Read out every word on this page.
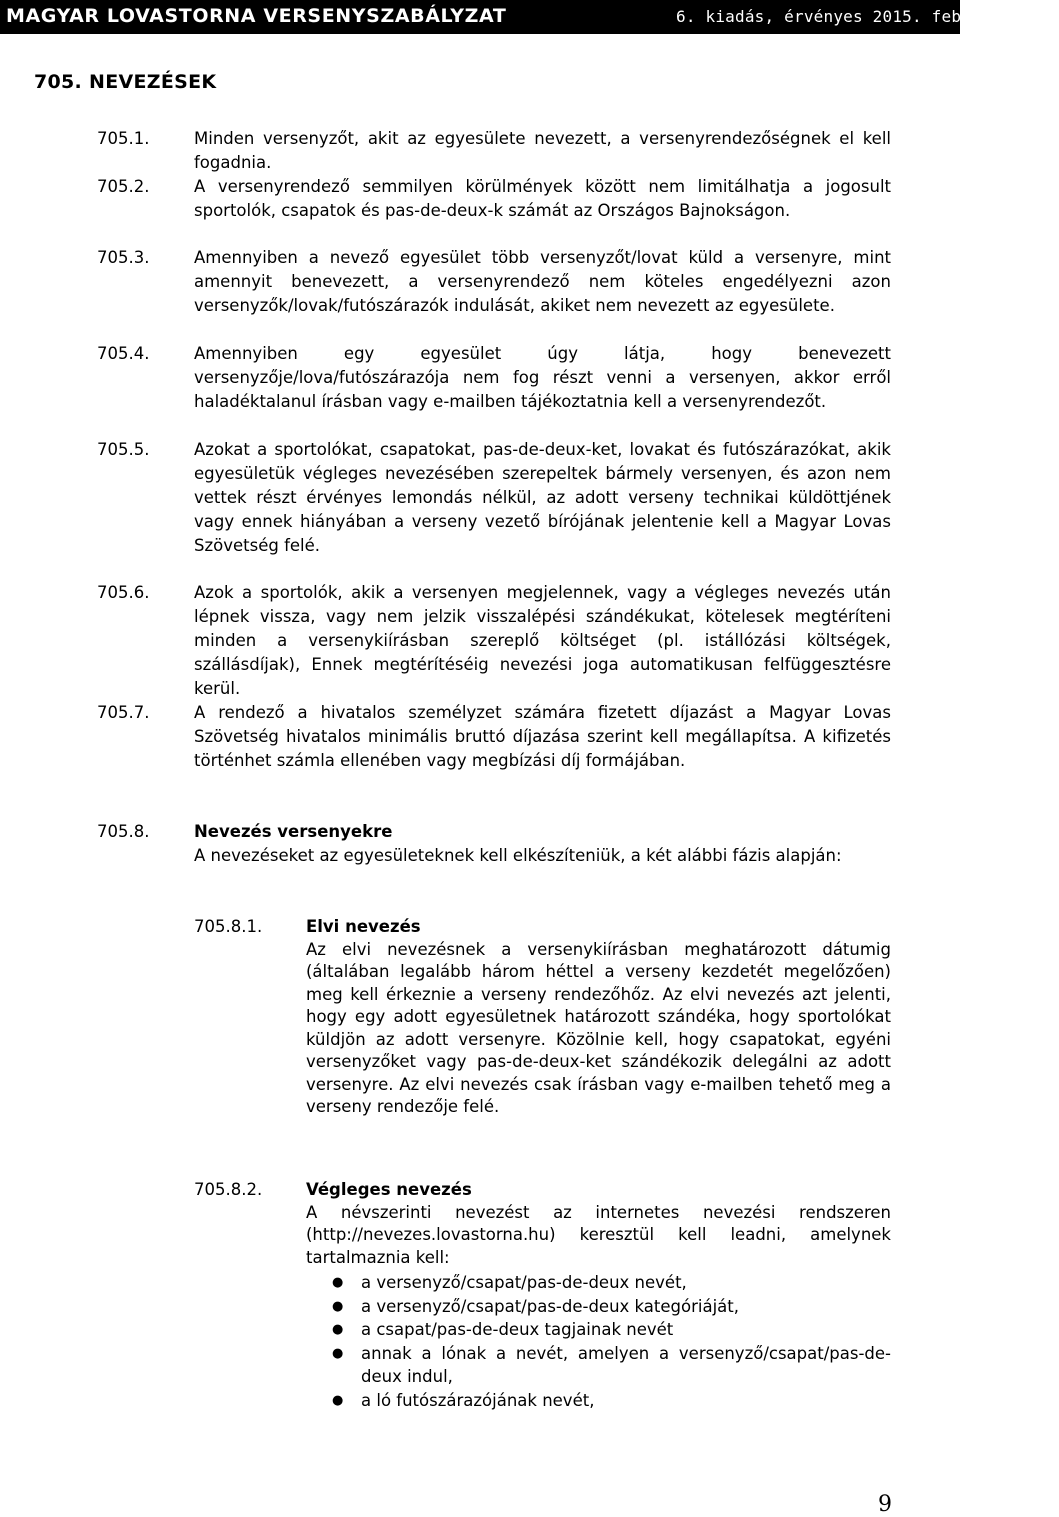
MAGYAR LOVASTORNA VERSENYSZABÁLYZAT	6. kiadás, érvényes 2015. február 8-tól
705. NEVEZÉSEK
705.1.	Minden versenyzőt, akit az egyesülete nevezett, a versenyrendezőségnek el kell fogadnia.

705.2.	A versenyrendező semmilyen körülmények között nem limitálhatja a jogosult sportolók, csapatok és pas-de-deux-k számát az Országos Bajnokságon.

705.3.	Amennyiben a nevező egyesület több versenyzőt/lovat küld a versenyre, mint amennyit benevezett, a versenyrendező nem köteles engedélyezni azon versenyzők/lovak/futószárazók indulását, akiket nem nevezett az egyesülete.

705.4.	Amennyiben egy egyesület úgy látja, hogy benevezett versenyzője/lova/futószárazója nem fog részt venni a versenyen, akkor erről haladéktalanul írásban vagy e-mailben tájékoztatnia kell a versenyrendezőt.

705.5.	Azokat a sportolókat, csapatokat, pas-de-deux-ket, lovakat és futószárazókat, akik egyesületük végleges nevezésében szerepeltek bármely versenyen, és azon nem vettek részt érvényes lemondás nélkül, az adott verseny technikai küldöttjének vagy ennek hiányában a verseny vezető bírójának jelentenie kell a Magyar Lovas Szövetség felé.

705.6.	Azok a sportolók, akik a versenyen megjelennek, vagy a végleges nevezés után lépnek vissza, vagy nem jelzik visszalépési szándékukat, kötelesek megtéríteni minden a versenykiírásban szereplő költséget (pl. istállózási költségek, szállásdíjak), Ennek megtérítéséig nevezési joga automatikusan felfüggesztésre kerül.

705.7.	A rendező a hivatalos személyzet számára fizetett díjazást a Magyar Lovas Szövetség hivatalos minimális bruttó díjazása szerint kell megállapítsa. A kifizetés történhet számla ellenében vagy megbízási díj formájában.

705.8.	Nevezés versenyekre
A nevezéseket az egyesületeknek kell elkészíteniük, a két alábbi fázis alapján:
705.8.1.	Elvi nevezés
Az elvi nevezésnek a versenykiírásban meghatározott dátumig (általában legalább három héttel a verseny kezdetét megelőzően) meg kell érkeznie a verseny rendezőhőz. Az elvi nevezés azt jelenti, hogy egy adott egyesületnek határozott szándéka, hogy sportolókat küldjön az adott versenyre. Közölnie kell, hogy csapatokat, egyéni versenyzőket vagy pas-de-deux-ket szándékozik delegálni az adott versenyre. Az elvi nevezés csak írásban vagy e-mailben tehető meg a verseny rendezője felé.
705.8.2.	Végleges nevezés
A névszerinti nevezést az internetes nevezési rendszeren (http://nevezes.lovastorna.hu) keresztül kell leadni, amelynek tartalmaznia kell:
● a versenyző/csapat/pas-de-deux nevét,
● a versenyző/csapat/pas-de-deux kategóriáját,
● a csapat/pas-de-deux tagjainak nevét
● annak a lónak a nevét, amelyen a versenyző/csapat/pas-de-deux indul,
● a ló futószárazójának nevét,
9
